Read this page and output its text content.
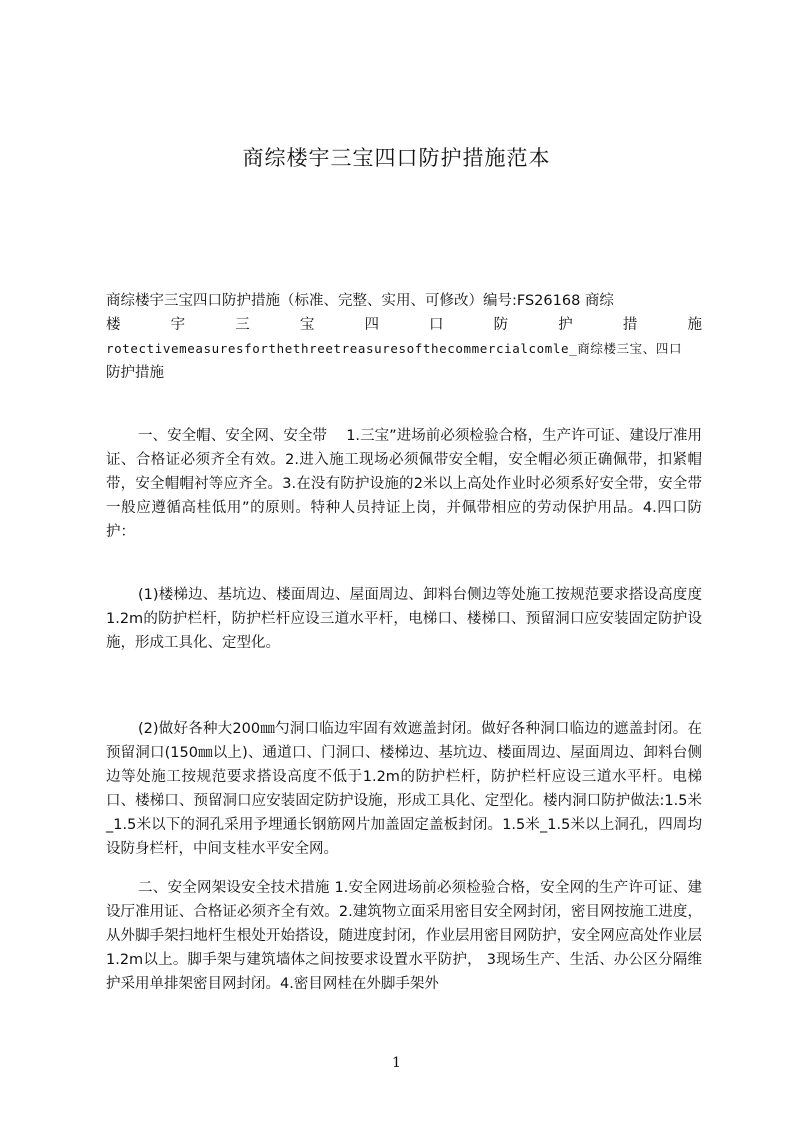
商综楼宇三宝四口防护措施范本
商综楼宇三宝四口防护措施（标准、完整、实用、可修改）编号:FS26168 商综
楼	宇	三	宝	四	口	防	护	措	施
rotectivemeasuresforthethreetreasuresofthecommercialcomle_商综楼三宝、四口
防护措施
一、安全帽、安全网、安全带　 1.三宝”进场前必须检验合格，生产许可证、建设厅准用证、合格证必须齐全有效。2.进入施工现场必须佩带安全帽，安全帽必须正确佩带，扣紧帽带，安全帽帽衬等应齐全。3.在没有防护设施的2米以上高处作业时必须系好安全带，安全带一般应遵循高桂低用”的原则。特种人员持证上岗，并佩带相应的劳动保护用品。4.四口防护：
(1)楼梯边、基坑边、楼面周边、屋面周边、卸料台侧边等处施工按规范要求搭设高度度1.2m的防护栏杆，防护栏杆应设三道水平杆，电梯口、楼梯口、预留洞口应安装固定防护设施，形成工具化、定型化。
(2)做好各种大200㎜勺洞口临边牢固有效遮盖封闭。做好各种洞口临边的遮盖封闭。在预留洞口(150㎜以上)、通道口、门洞口、楼梯边、基坑边、楼面周边、屋面周边、卸料台侧边等处施工按规范要求搭设高度不低于1.2m的防护栏杆，防护栏杆应设三道水平杆。电梯口、楼梯口、预留洞口应安装固定防护设施，形成工具化、定型化。楼内洞口防护做法:1.5米_1.5米以下的洞孔采用予埋通长钢筋网片加盖固定盖板封闭。1.5米_1.5米以上洞孔，四周均设防身栏杆，中间支桂水平安全网。
二、安全网架设安全技术措施 1.安全网进场前必须检验合格，安全网的生产许可证、建设厅准用证、合格证必须齐全有效。2.建筑物立面采用密目安全网封闭，密目网按施工进度，从外脚手架扫地杆生根处开始搭设，随进度封闭，作业层用密目网防护，安全网应高处作业层1.2m以上。脚手架与建筑墙体之间按要求设置水平防护， 3现场生产、生活、办公区分隔维护采用单排架密目网封闭。4.密目网桂在外脚手架外
1
